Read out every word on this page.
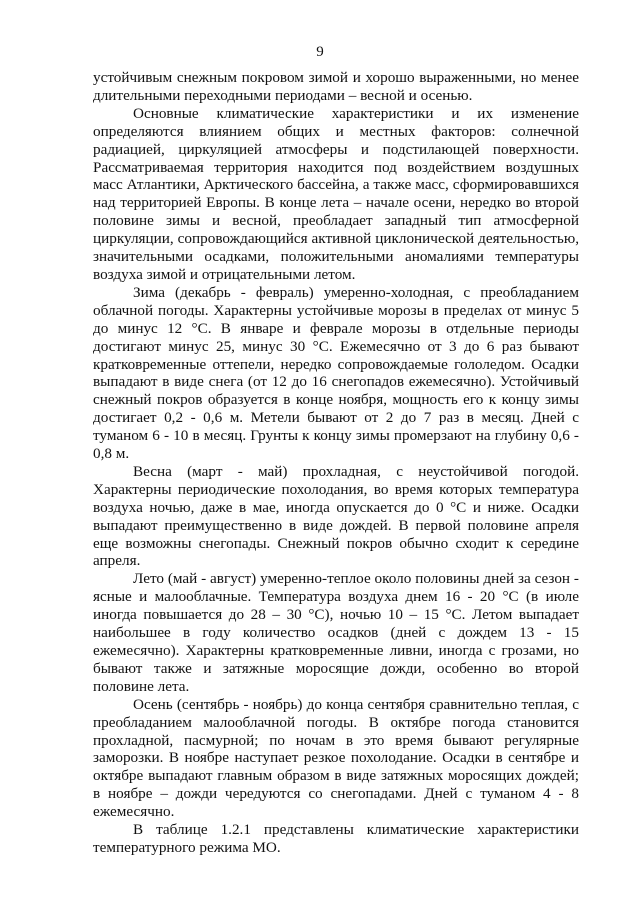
9

устойчивым снежным покровом зимой и хорошо выраженными, но менее длительными переходными периодами – весной и осенью.

Основные климатические характеристики и их изменение определяются влиянием общих и местных факторов: солнечной радиацией, циркуляцией атмосферы и подстилающей поверхности. Рассматриваемая территория находится под воздействием воздушных масс Атлантики, Арктического бассейна, а также масс, сформировавшихся над территорией Европы. В конце лета – начале осени, нередко во второй половине зимы и весной, преобладает западный тип атмосферной циркуляции, сопровождающийся активной циклонической деятельностью, значительными осадками, положительными аномалиями температуры воздуха зимой и отрицательными летом.

Зима (декабрь - февраль) умеренно-холодная, с преобладанием облачной погоды. Характерны устойчивые морозы в пределах от минус 5 до минус 12 °С. В январе и феврале морозы в отдельные периоды достигают минус 25, минус 30 °С. Ежемесячно от 3 до 6 раз бывают кратковременные оттепели, нередко сопровождаемые гололедом. Осадки выпадают в виде снега (от 12 до 16 снегопадов ежемесячно). Устойчивый снежный покров образуется в конце ноября, мощность его к концу зимы достигает 0,2 - 0,6 м. Метели бывают от 2 до 7 раз в месяц. Дней с туманом 6 - 10 в месяц. Грунты к концу зимы промерзают на глубину 0,6 - 0,8 м.

Весна (март - май) прохладная, с неустойчивой погодой. Характерны периодические похолодания, во время которых температура воздуха ночью, даже в мае, иногда опускается до 0 °С и ниже. Осадки выпадают преимущественно в виде дождей. В первой половине апреля еще возможны снегопады. Снежный покров обычно сходит к середине апреля.

Лето (май - август) умеренно-теплое около половины дней за сезон - ясные и малооблачные. Температура воздуха днем 16 - 20 °С (в июле иногда повышается до 28 – 30 °С), ночью 10 – 15 °С. Летом выпадает наибольшее в году количество осадков (дней с дождем 13 - 15 ежемесячно). Характерны кратковременные ливни, иногда с грозами, но бывают также и затяжные моросящие дожди, особенно во второй половине лета.

Осень (сентябрь - ноябрь) до конца сентября сравнительно теплая, с преобладанием малооблачной погоды. В октябре погода становится прохладной, пасмурной; по ночам в это время бывают регулярные заморозки. В ноябре наступает резкое похолодание. Осадки в сентябре и октябре выпадают главным образом в виде затяжных моросящих дождей; в ноябре – дожди чередуются со снегопадами. Дней с туманом 4 - 8 ежемесячно.

В таблице 1.2.1 представлены климатические характеристики температурного режима МО.
